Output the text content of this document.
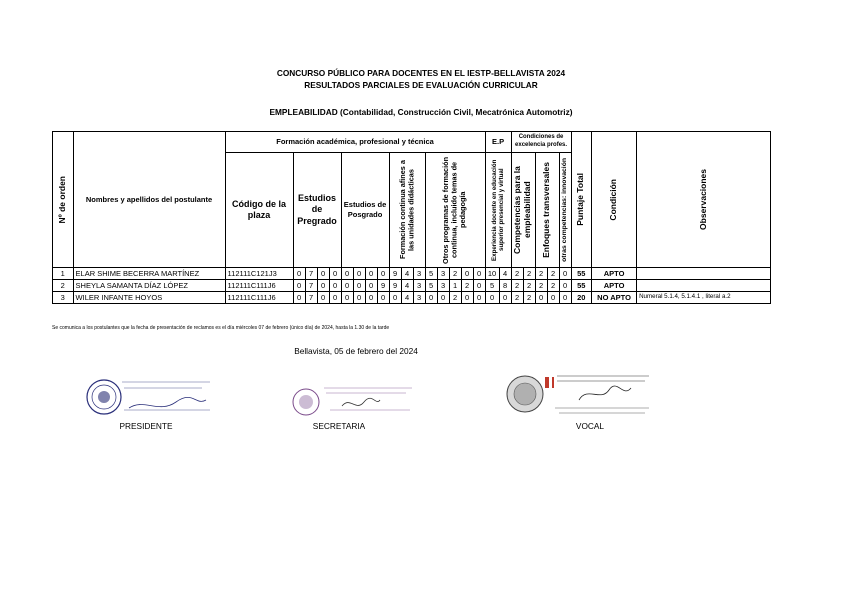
CONCURSO PÚBLICO PARA DOCENTES EN EL IESTP-BELLAVISTA 2024
RESULTADOS PARCIALES DE EVALUACIÓN CURRICULAR
EMPLEABILIDAD (Contabilidad, Construcción Civil, Mecatrónica Automotriz)
Nº de orden	Nombres y apellidos del postulante	Formación académica, profesional y técnica																	E.P		Condiciones de excelencia profes.					Puntaje Total	Condición	Observaciones

		Código de la plaza	Estudios de Pregrado				Estudios de Posgrado				Formación continua afines a las unidades didácticas			Otros programas de formación continua, incluido temas de pedagogía					Experiencia docente en educación superior presencial y virtual		Competencias para la empleabilidad		Enfoques transversales		otras competencias: innovación			

1	ELAR SHIME BECERRA MARTÍNEZ	112111C121J3	0	7	0	0	0	0	0	0	9	4	3	5	3	2	0	0	10	4	2	2	2	2	0	55	APTO	
2	SHEYLA SAMANTA DÍAZ LÓPEZ	112111C111J6	0	7	0	0	0	0	0	9	9	4	3	5	3	1	2	0	5	8	2	2	2	2	0	55	APTO	
3	WILER INFANTE HOYOS	112111C111J6	0	7	0	0	0	0	0	0	0	4	3	0	0	2	0	0	0	0	2	2	0	0	0	20	NO APTO	Numeral 5.1.4, 5.1.4.1 , literal a.2
Se comunica a los postulantes que la fecha de presentación de reclamos es el día miércoles 07 de febrero (único día) de 2024, hasta la 1.30 de la tarde
Bellavista, 05 de febrero del 2024
PRESIDENTE	SECRETARIA	VOCAL
